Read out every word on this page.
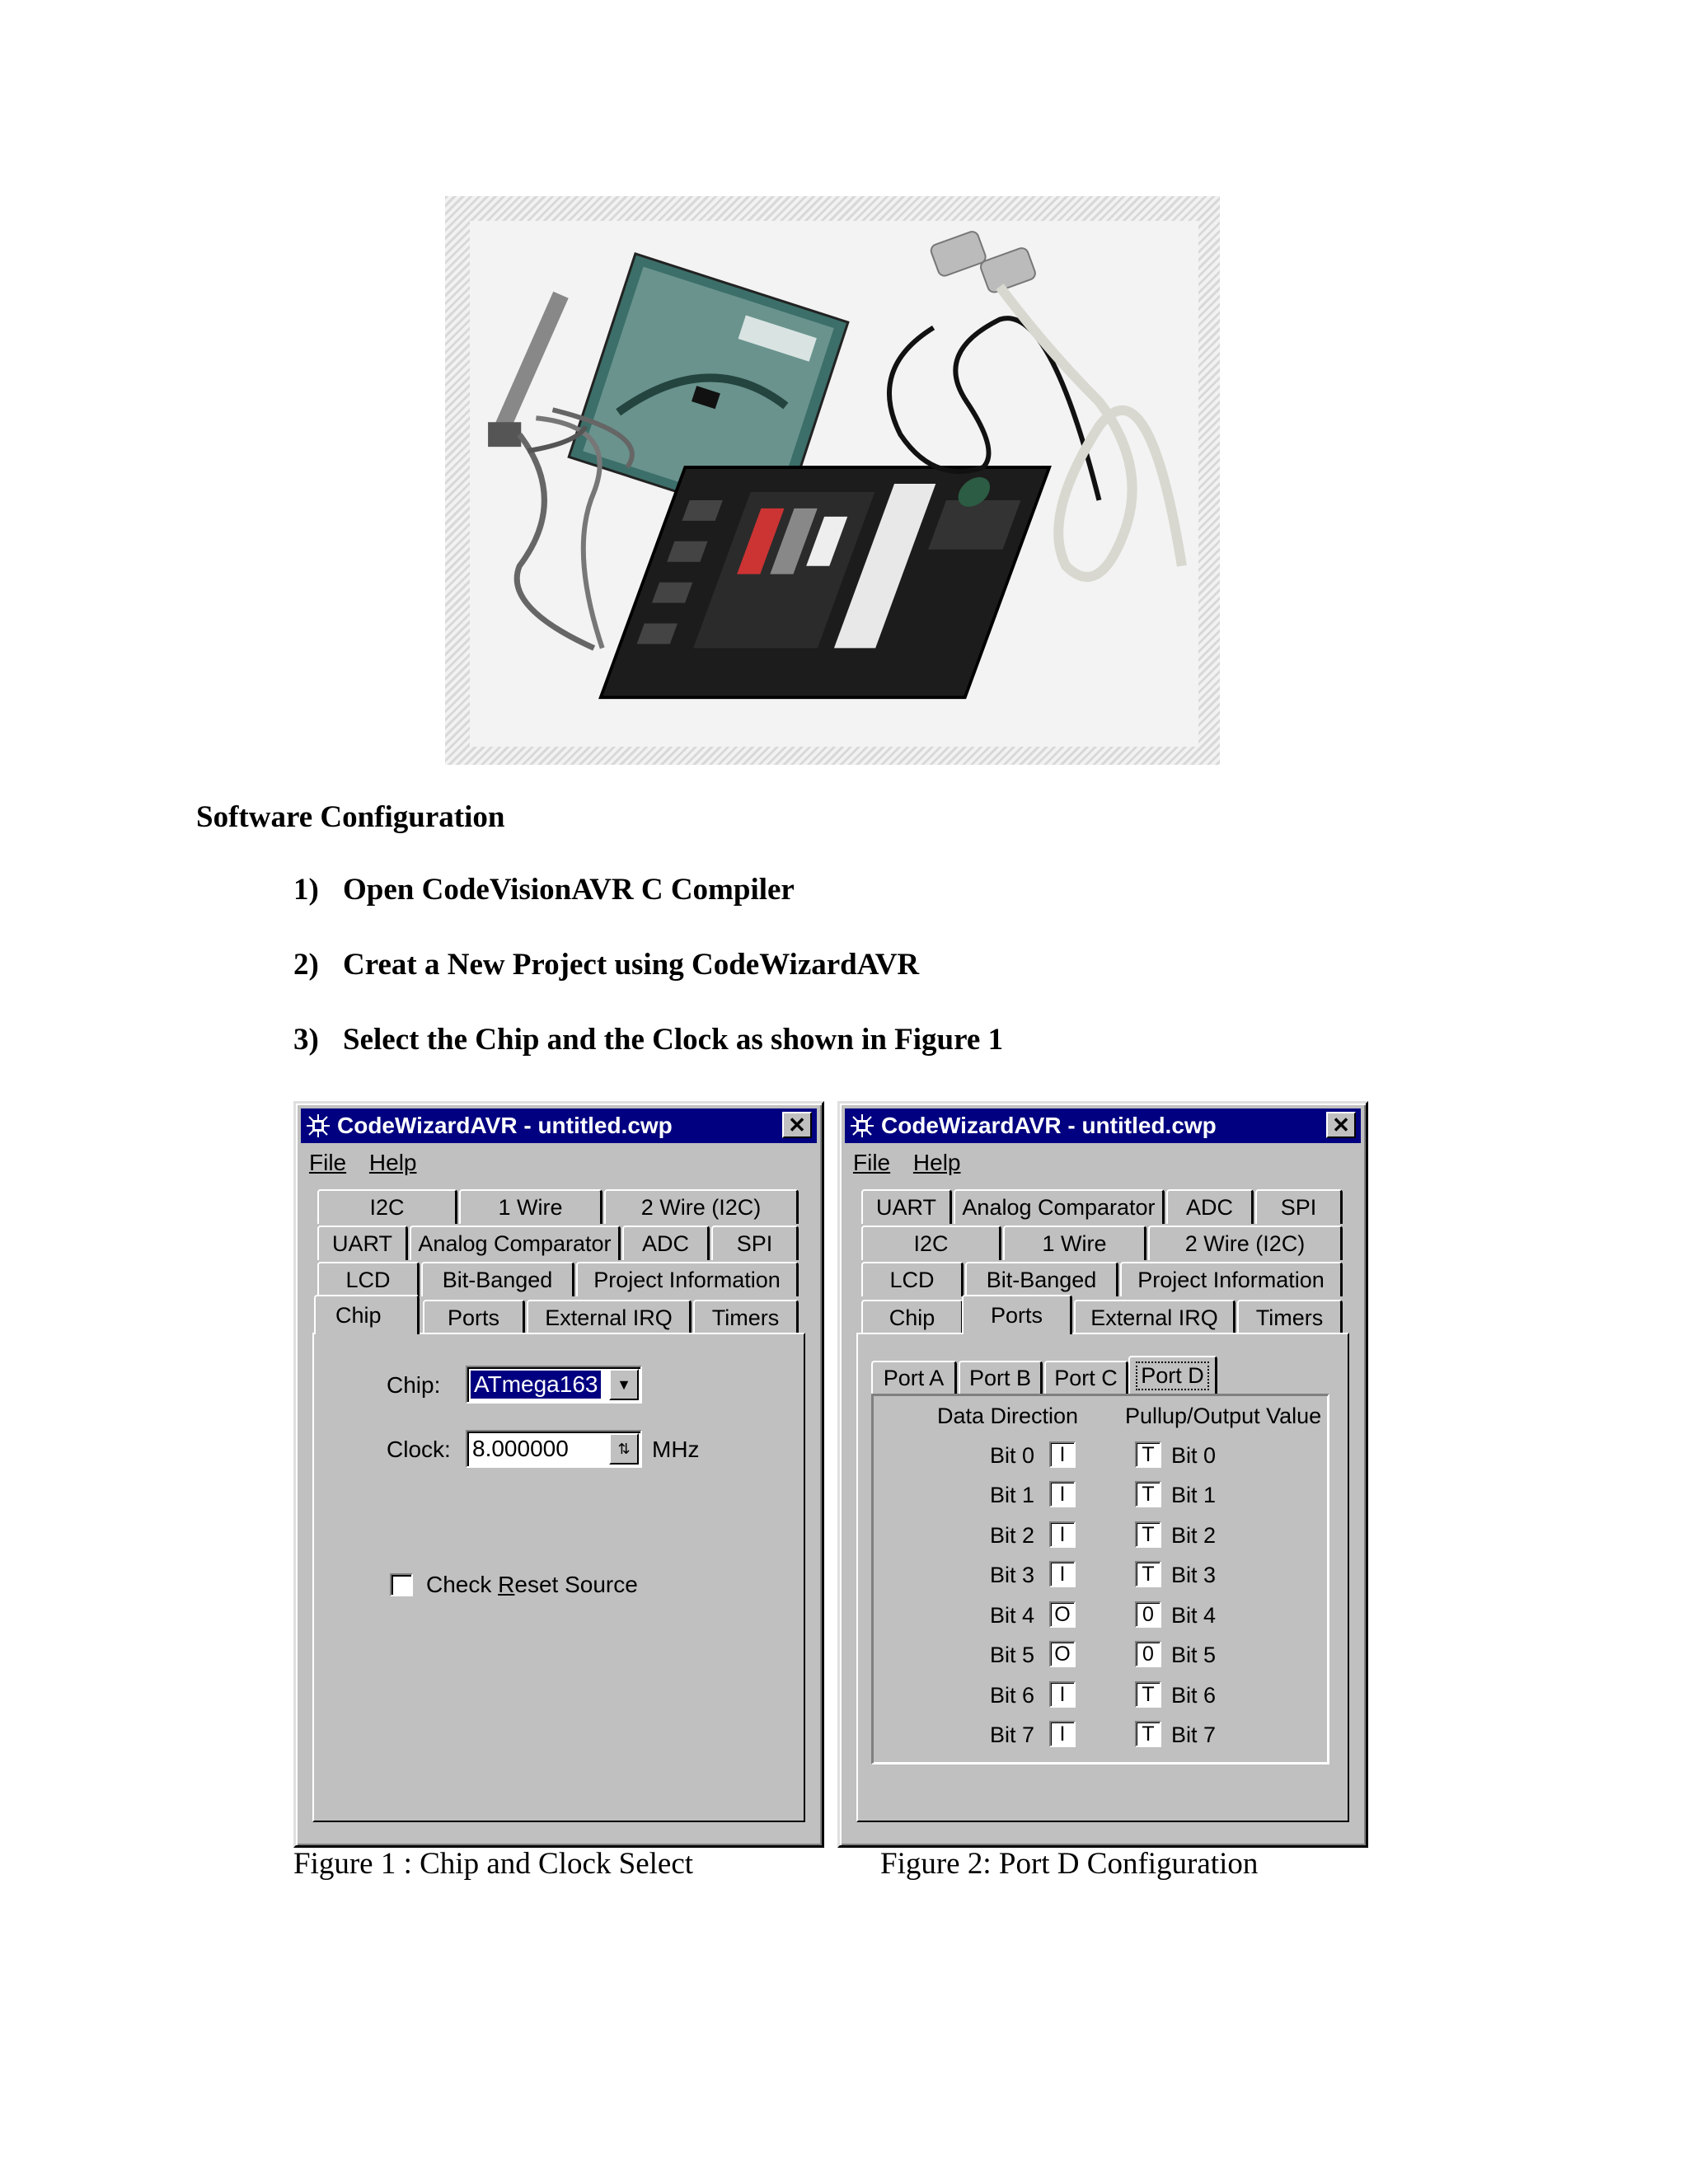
Software Configuration
1) Open CodeVisionAVR C Compiler
2) Creat a New Project using CodeWizardAVR
3) Select the Chip and the Clock as shown in Figure 1
CodeWizardAVR - untitled.cwp	✕
File Help
I2C	1 Wire	2 Wire (I2C)
UART	Analog Comparator	ADC	SPI
LCD	Bit-Banged	Project Information
Chip	Ports	External IRQ	Timers
Chip: ATmega163 ▼
Clock: 8.000000	⇅ MHz
Check Reset Source
CodeWizardAVR - untitled.cwp	✕
File Help
UART	Analog Comparator	ADC	SPI
I2C	1 Wire	2 Wire (I2C)
LCD	Bit-Banged	Project Information
Chip	Ports	External IRQ	Timers
Port A	Port B	Port C	Port D
Data Direction Pullup/Output Value
Bit 0	I	T Bit 0
Bit 1	I	T Bit 1
Bit 2	I	T Bit 2
Bit 3	I	T Bit 3
Bit 4 O	0 Bit 4
Bit 5 O	0 Bit 5
Bit 6	I	T Bit 6
Bit 7	I	T Bit 7
Figure 1 : Chip and Clock Select	Figure 2: Port D Configuration
